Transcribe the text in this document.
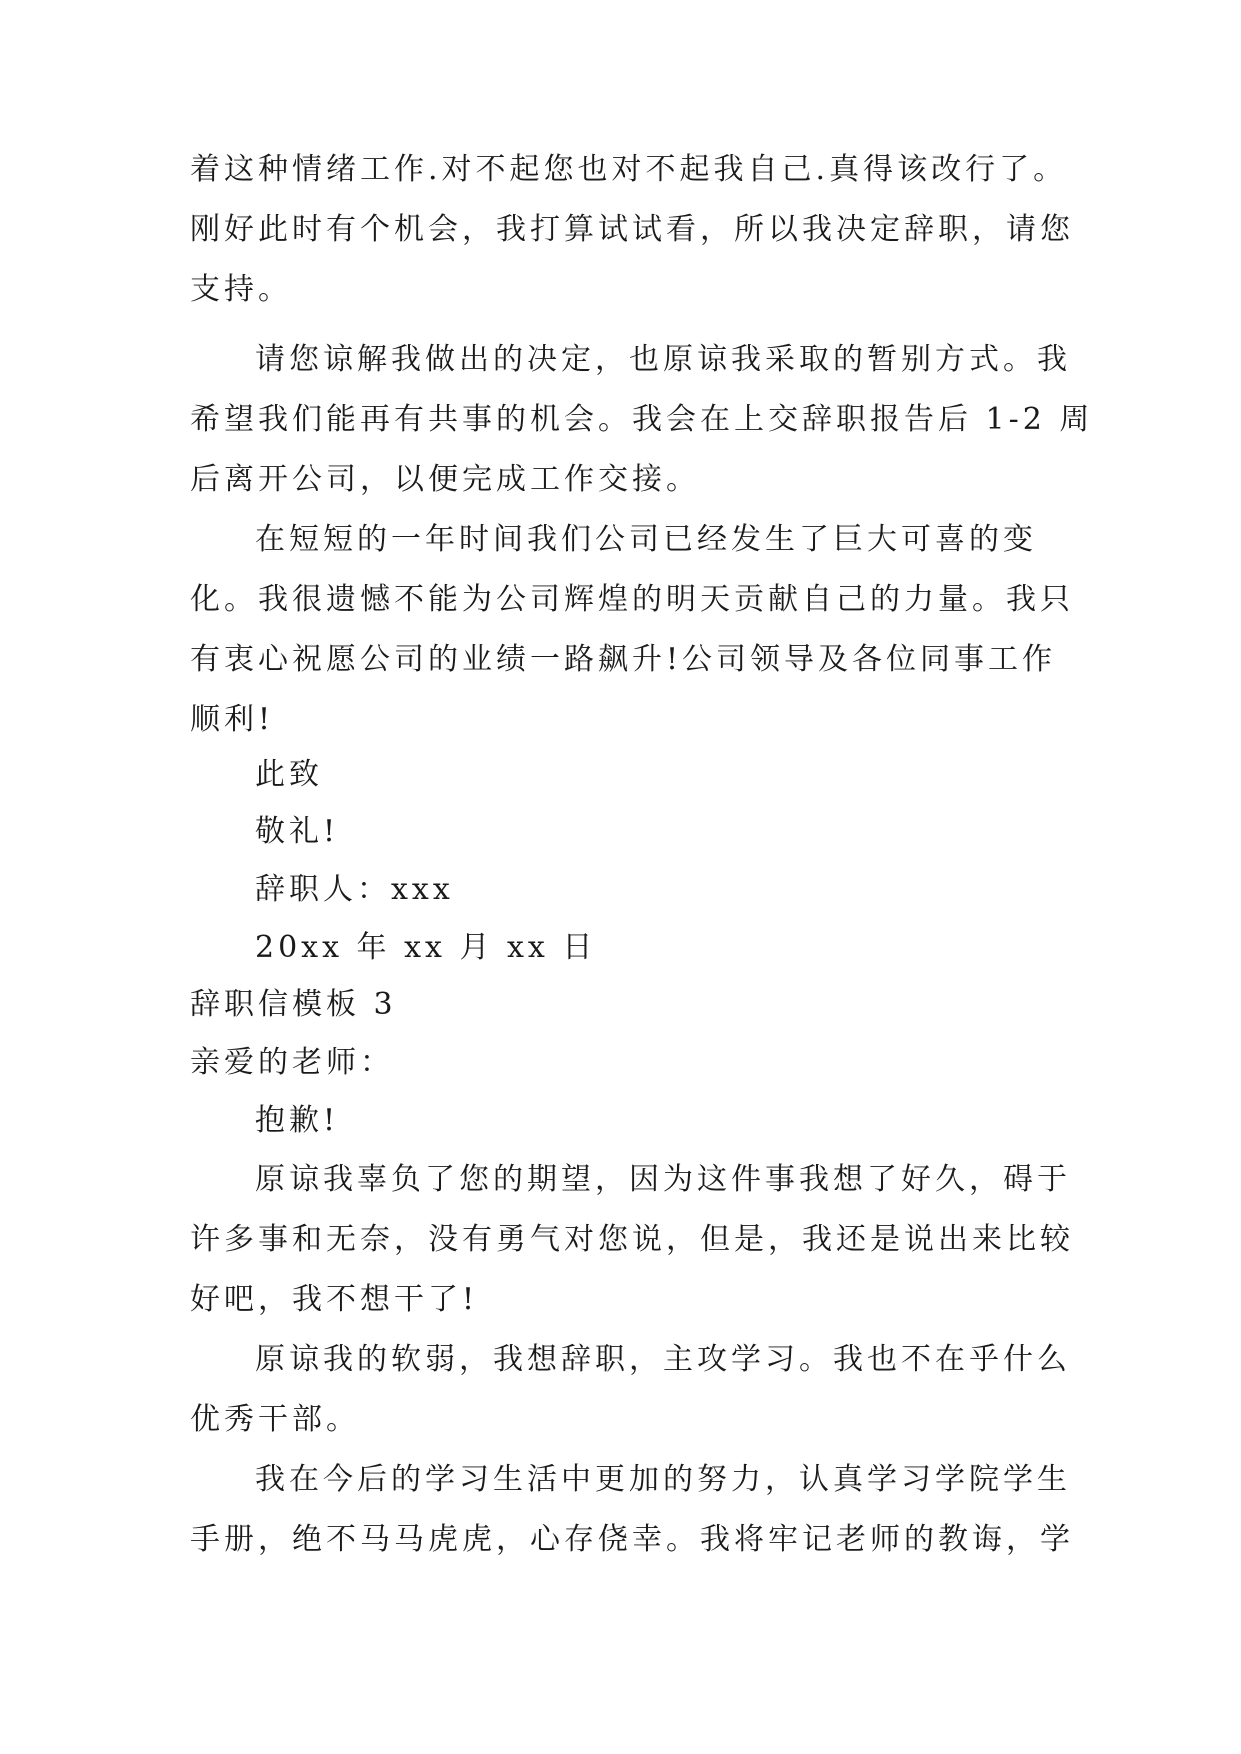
着这种情绪工作.对不起您也对不起我自己.真得该改行了。
刚好此时有个机会，我打算试试看，所以我决定辞职，请您
支持。
请您谅解我做出的决定，也原谅我采取的暂别方式。我
希望我们能再有共事的机会。我会在上交辞职报告后 1-2 周
后离开公司，以便完成工作交接。
在短短的一年时间我们公司已经发生了巨大可喜的变
化。我很遗憾不能为公司辉煌的明天贡献自己的力量。我只
有衷心祝愿公司的业绩一路飙升!公司领导及各位同事工作
顺利!
此致
敬礼!
辞职人：xxx
20xx 年 xx 月 xx 日
辞职信模板 3
亲爱的老师：
抱歉!
原谅我辜负了您的期望，因为这件事我想了好久，碍于
许多事和无奈，没有勇气对您说，但是，我还是说出来比较
好吧，我不想干了!
原谅我的软弱，我想辞职，主攻学习。我也不在乎什么
优秀干部。
我在今后的学习生活中更加的努力，认真学习学院学生
手册，绝不马马虎虎，心存侥幸。我将牢记老师的教诲，学
